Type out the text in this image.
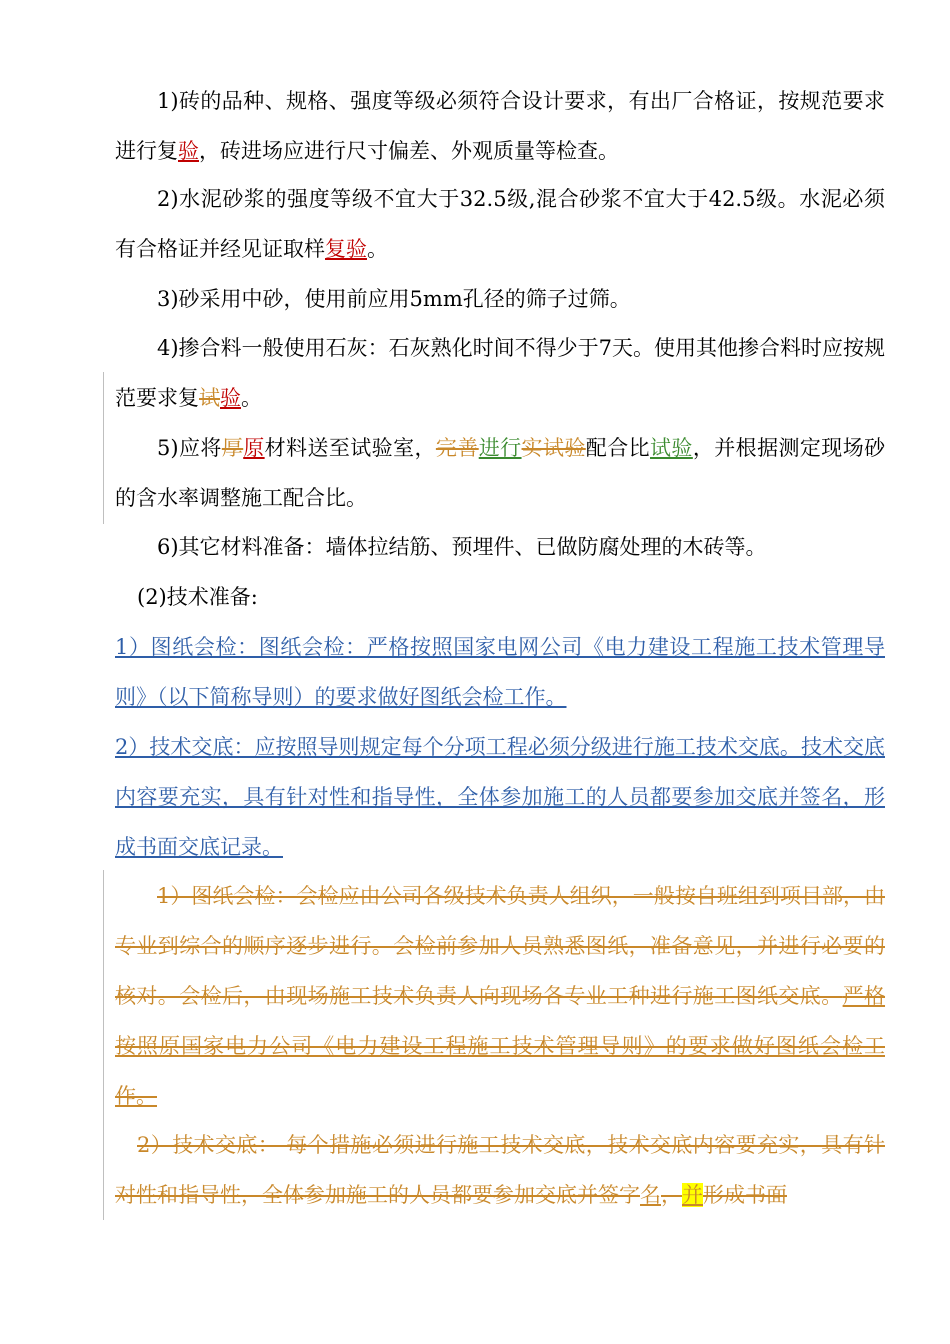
1)砖的品种、规格、强度等级必须符合设计要求，有出厂合格证，按规范要求进行复验，砖进场应进行尺寸偏差、外观质量等检查。

2)水泥砂浆的强度等级不宜大于32.5级,混合砂浆不宜大于42.5级。水泥必须有合格证并经见证取样复验。

3)砂采用中砂，使用前应用5mm孔径的筛子过筛。

4)掺合料一般使用石灰：石灰熟化时间不得少于7天。使用其他掺合料时应按规范要求复试验。

5)应将厚原材料送至试验室，完善进行实试验配合比试验，并根据测定现场砂的含水率调整施工配合比。

6)其它材料准备：墙体拉结筋、预埋件、已做防腐处理的木砖等。

(2)技术准备:

1）图纸会检：图纸会检：严格按照国家电网公司《电力建设工程施工技术管理导则》（以下简称导则）的要求做好图纸会检工作。

2）技术交底：应按照导则规定每个分项工程必须分级进行施工技术交底。技术交底内容要充实，具有针对性和指导性，全体参加施工的人员都要参加交底并签名，形成书面交底记录。

1）图纸会检：会检应由公司各级技术负责人组织，一般按自班组到项目部，由专业到综合的顺序逐步进行。会检前参加人员熟悉图纸，准备意见，并进行必要的核对。会检后，由现场施工技术负责人向现场各专业工种进行施工图纸交底。严格按照原国家电力公司《电力建设工程施工技术管理导则》的要求做好图纸会检工作。

2）技术交底： 每个措施必须进行施工技术交底，技术交底内容要充实，具有针对性和指导性，全体参加施工的人员都要参加交底并签字名，并形成书面
